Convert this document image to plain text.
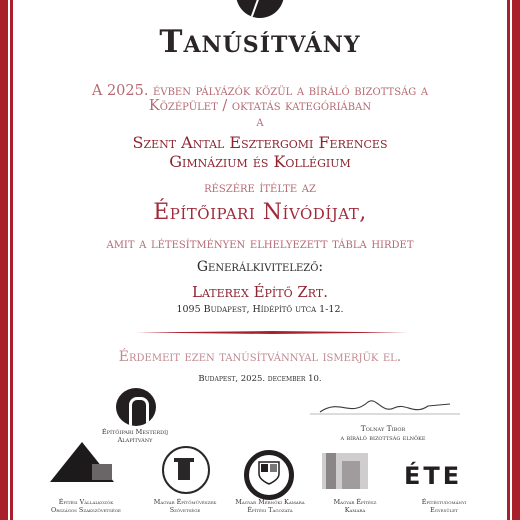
Tanúsítvány

A 2025. évben pályázók közül a bíráló bizottság a

Középület / oktatás kategóriában

a

Szent Antal Esztergomi Ferences
Gimnázium és Kollégium

részére ítélte az

Építőipari Nívódíjat,

amit a létesítményen elhelyezett tábla hirdet

Generálkivitelező:

Laterex Építő Zrt.

1095 Budapest, Hídépítő utca 1-12.

Érdemeit ezen tanúsítvánnyal ismerjük el.

Budapest, 2025. december 10.

Építőipari Mesterdíj
Alapítvány
Tolnay Tibor
a bíráló bizottság elnöke
Építési Vállalkozók
Országos Szakszövetsége
Magyar Építőművészek
Szövetsége
Magyar Mérnöki Kamara
Építési Tagozata
Magyar Építész
Kamara
ÉTE
Építéstudományi
Egyesület
